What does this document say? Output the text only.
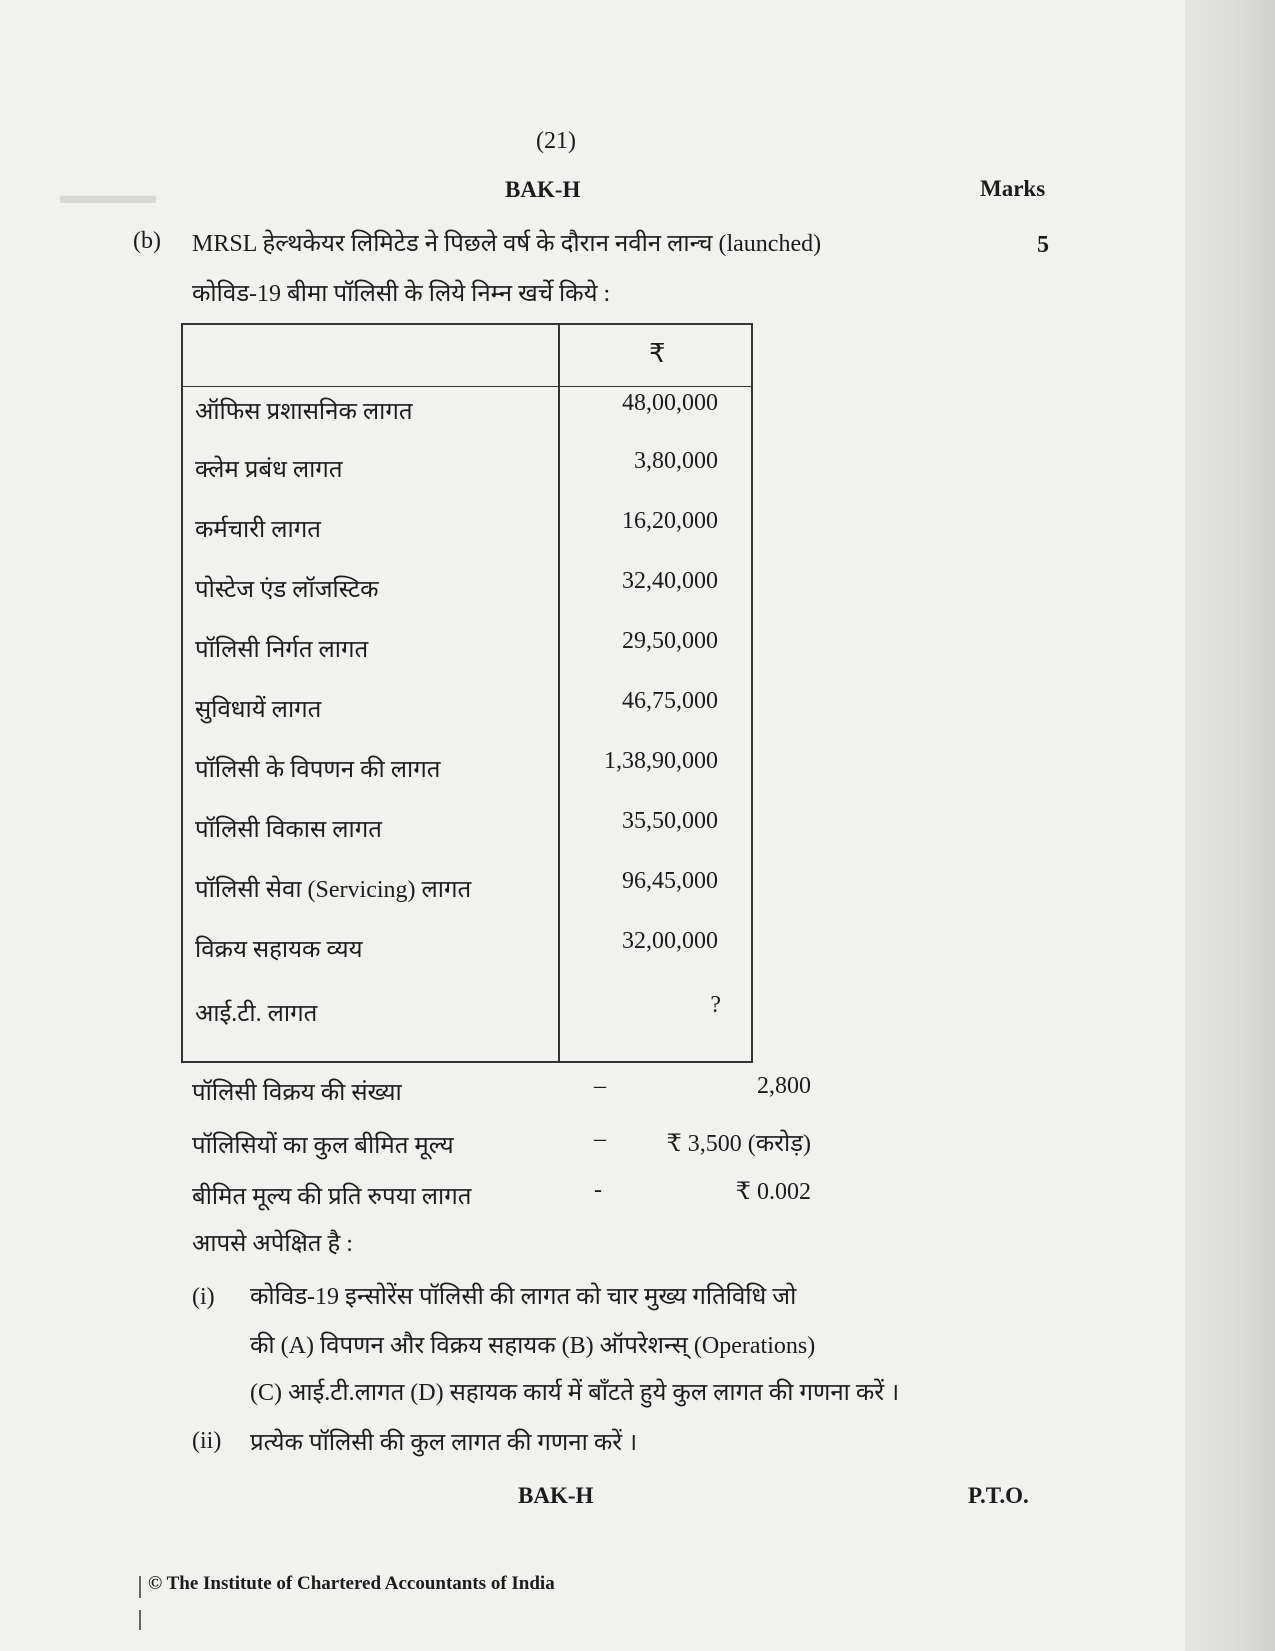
▬▬▬▬
(21)
BAK-H	Marks
(b) MRSL हेल्थकेयर लिमिटेड ने पिछले वर्ष के दौरान नवीन लान्च (launched)	5
कोविड-19 बीमा पॉलिसी के लिये निम्न खर्चे किये :
₹
ऑफिस प्रशासनिक लागत	48,00,000
क्लेम प्रबंध लागत	3,80,000
कर्मचारी लागत	16,20,000
पोस्टेज एंड लॉजस्टिक	32,40,000
पॉलिसी निर्गत लागत	29,50,000
सुविधायें लागत	46,75,000
पॉलिसी के विपणन की लागत	1,38,90,000
पॉलिसी विकास लागत	35,50,000
पॉलिसी सेवा (Servicing) लागत	96,45,000
विक्रय सहायक व्यय	32,00,000
आई.टी. लागत	?
पॉलिसी विक्रय की संख्या	–	2,800
पॉलिसियों का कुल बीमित मूल्य	–	₹ 3,500 (करोड़)
बीमित मूल्य की प्रति रुपया लागत	-	₹ 0.002
आपसे अपेक्षित है :
(i) कोविड-19 इन्सोरेंस पॉलिसी की लागत को चार मुख्य गतिविधि जो
की (A) विपणन और विक्रय सहायक (B) ऑपरेशन्स् (Operations)
(C) आई.टी.लागत (D) सहायक कार्य में बाँटते हुये कुल लागत की गणना करें ।
(ii) प्रत्येक पॉलिसी की कुल लागत की गणना करें ।
BAK-H	P.T.O.
© The Institute of Chartered Accountants of India
